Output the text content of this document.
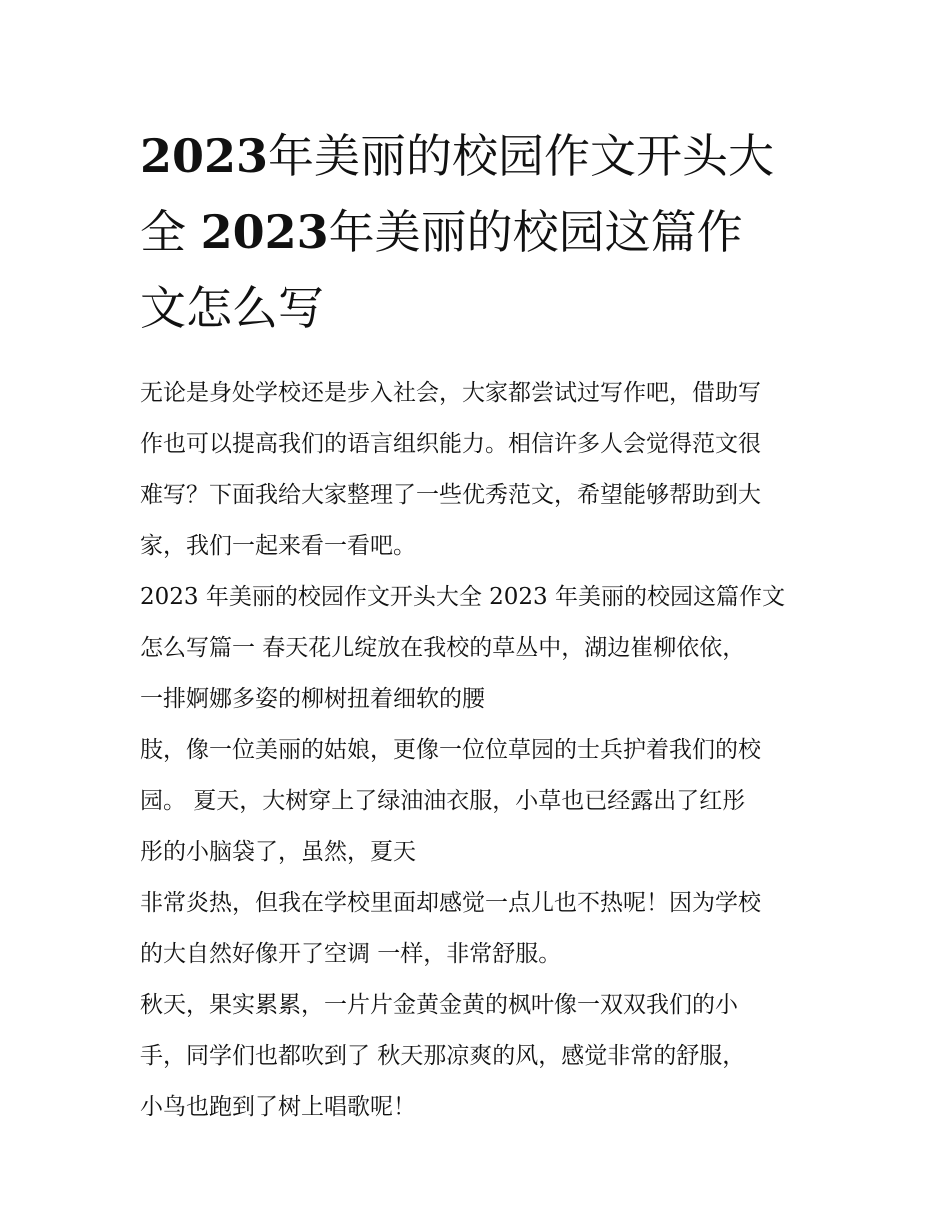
2023年美丽的校园作文开头大
全 2023年美丽的校园这篇作
文怎么写
无论是身处学校还是步入社会，大家都尝试过写作吧，借助写
作也可以提高我们的语言组织能力。相信许多人会觉得范文很
难写？下面我给大家整理了一些优秀范文，希望能够帮助到大
家，我们一起来看一看吧。
2023 年美丽的校园作文开头大全 2023 年美丽的校园这篇作文
怎么写篇一 春天花儿绽放在我校的草丛中，湖边崔柳依依，
一排婀娜多姿的柳树扭着细软的腰
肢，像一位美丽的姑娘，更像一位位草园的士兵护着我们的校
园。 夏天，大树穿上了绿油油衣服，小草也已经露出了红彤
彤的小脑袋了，虽然，夏天
非常炎热，但我在学校里面却感觉一点儿也不热呢！因为学校
的大自然好像开了空调 一样，非常舒服。
秋天，果实累累，一片片金黄金黄的枫叶像一双双我们的小
手，同学们也都吹到了 秋天那凉爽的风，感觉非常的舒服，
小鸟也跑到了树上唱歌呢！
